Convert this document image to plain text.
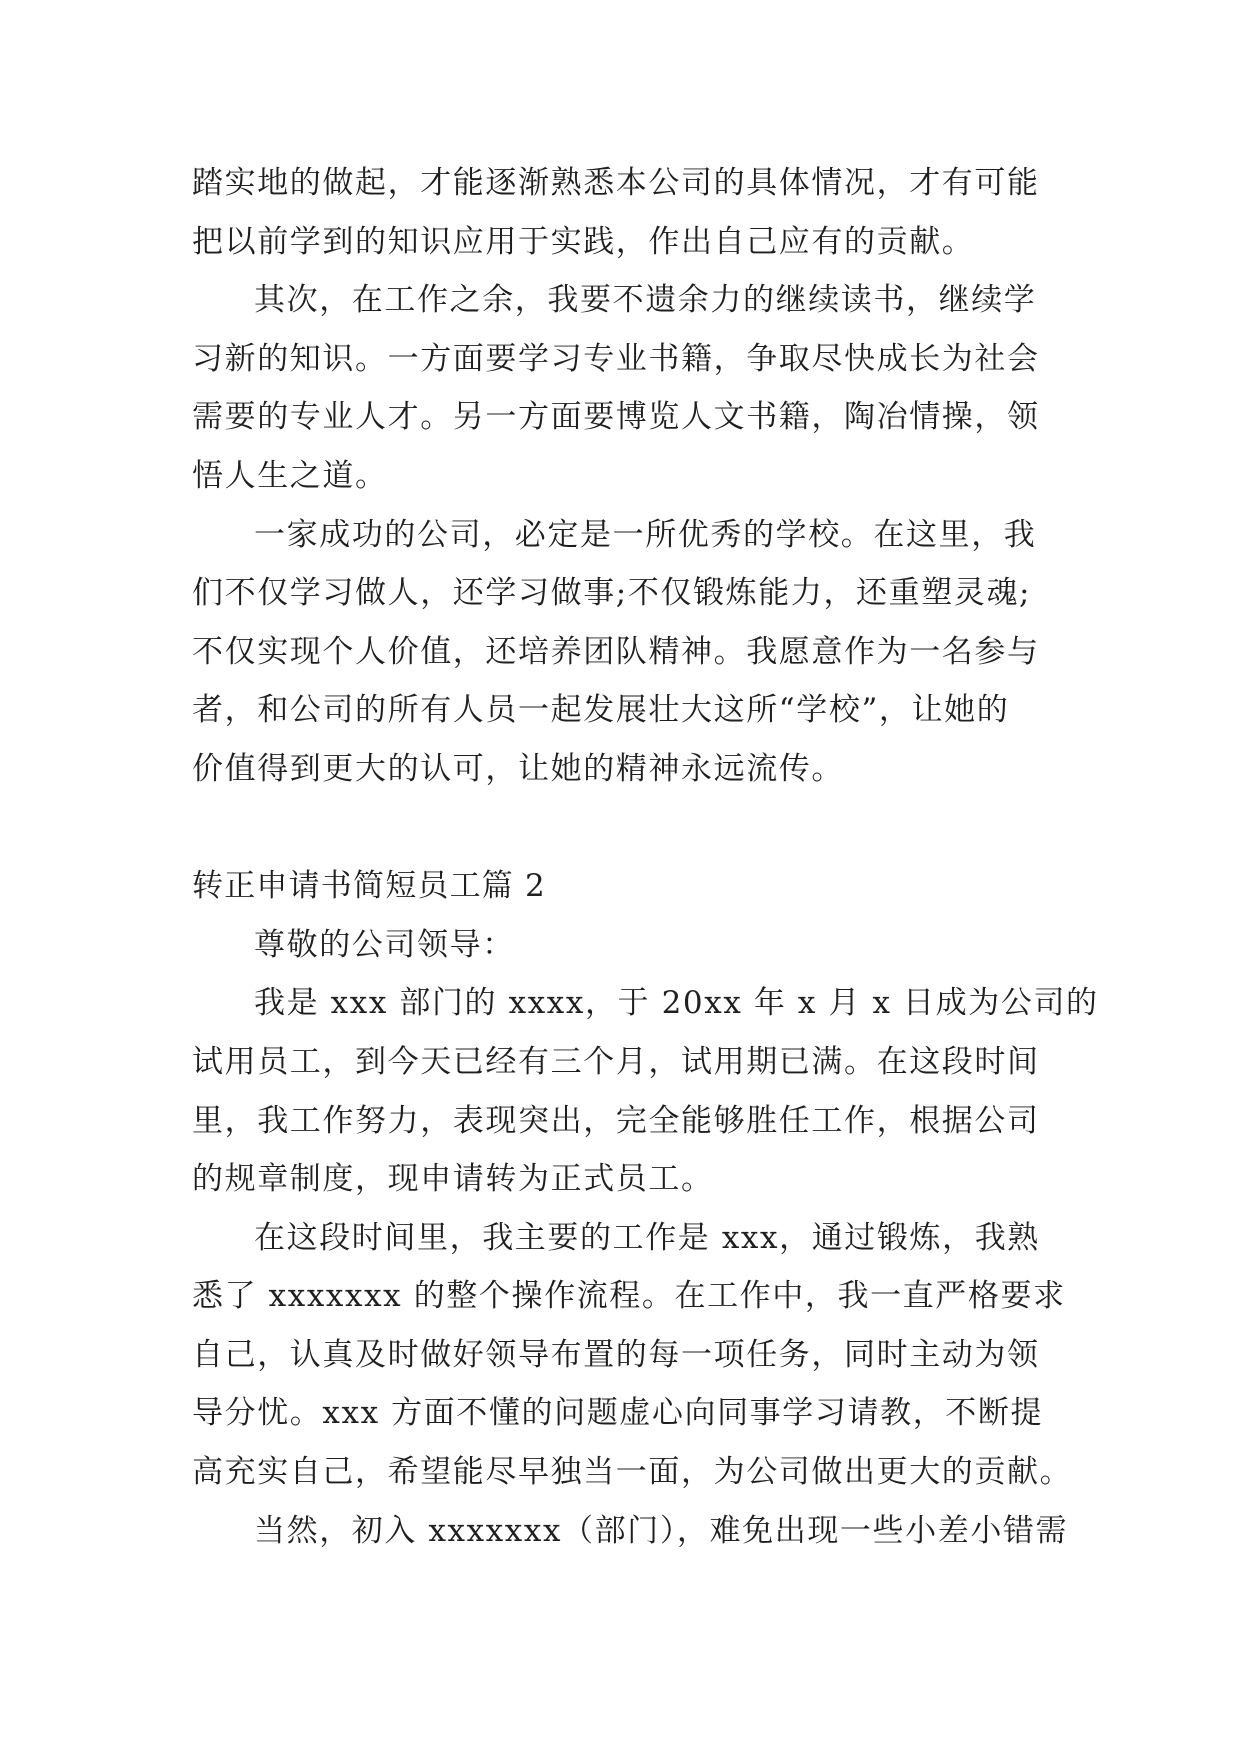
踏实地的做起，才能逐渐熟悉本公司的具体情况，才有可能
把以前学到的知识应用于实践，作出自己应有的贡献。
其次，在工作之余，我要不遗余力的继续读书，继续学
习新的知识。一方面要学习专业书籍，争取尽快成长为社会
需要的专业人才。另一方面要博览人文书籍，陶冶情操，领
悟人生之道。
一家成功的公司，必定是一所优秀的学校。在这里，我
们不仅学习做人，还学习做事;不仅锻炼能力，还重塑灵魂;
不仅实现个人价值，还培养团队精神。我愿意作为一名参与
者，和公司的所有人员一起发展壮大这所“学校”，让她的
价值得到更大的认可，让她的精神永远流传。
转正申请书简短员工篇 2
尊敬的公司领导：
我是 xxx 部门的 xxxx，于 20xx 年 x 月 x 日成为公司的
试用员工，到今天已经有三个月，试用期已满。在这段时间
里，我工作努力，表现突出，完全能够胜任工作，根据公司
的规章制度，现申请转为正式员工。
在这段时间里，我主要的工作是 xxx，通过锻炼，我熟
悉了 xxxxxxx 的整个操作流程。在工作中，我一直严格要求
自己，认真及时做好领导布置的每一项任务，同时主动为领
导分忧。xxx 方面不懂的问题虚心向同事学习请教，不断提
高充实自己，希望能尽早独当一面，为公司做出更大的贡献。
当然，初入 xxxxxxx（部门），难免出现一些小差小错需
